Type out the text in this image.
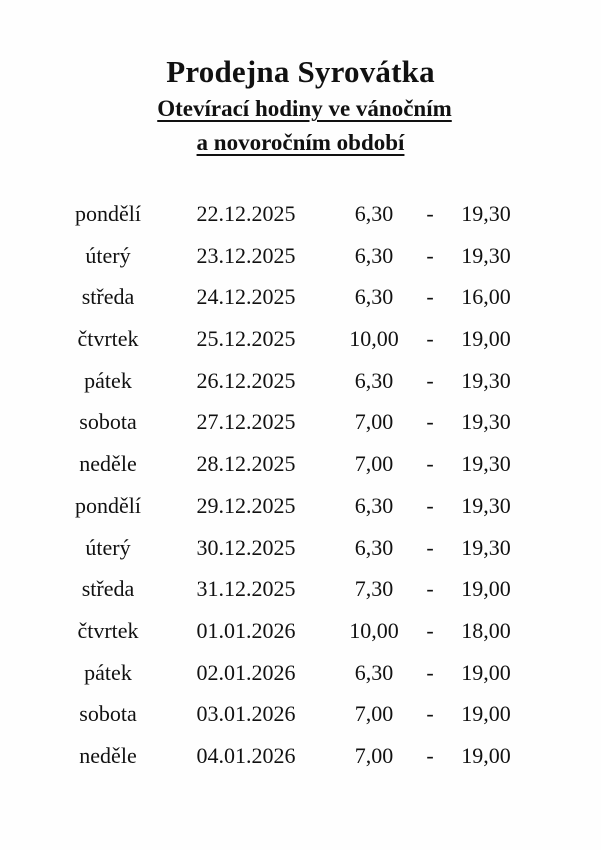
Prodejna Syrovátka
Otevírací hodiny ve vánočním
a novoročním období
pondělí	22.12.2025	6,30	-	19,30
úterý	23.12.2025	6,30	-	19,30
středa	24.12.2025	6,30	-	16,00
čtvrtek	25.12.2025	10,00	-	19,00
pátek	26.12.2025	6,30	-	19,30
sobota	27.12.2025	7,00	-	19,30
neděle	28.12.2025	7,00	-	19,30
pondělí	29.12.2025	6,30	-	19,30
úterý	30.12.2025	6,30	-	19,30
středa	31.12.2025	7,30	-	19,00
čtvrtek	01.01.2026	10,00	-	18,00
pátek	02.01.2026	6,30	-	19,00
sobota	03.01.2026	7,00	-	19,00
neděle	04.01.2026	7,00	-	19,00
